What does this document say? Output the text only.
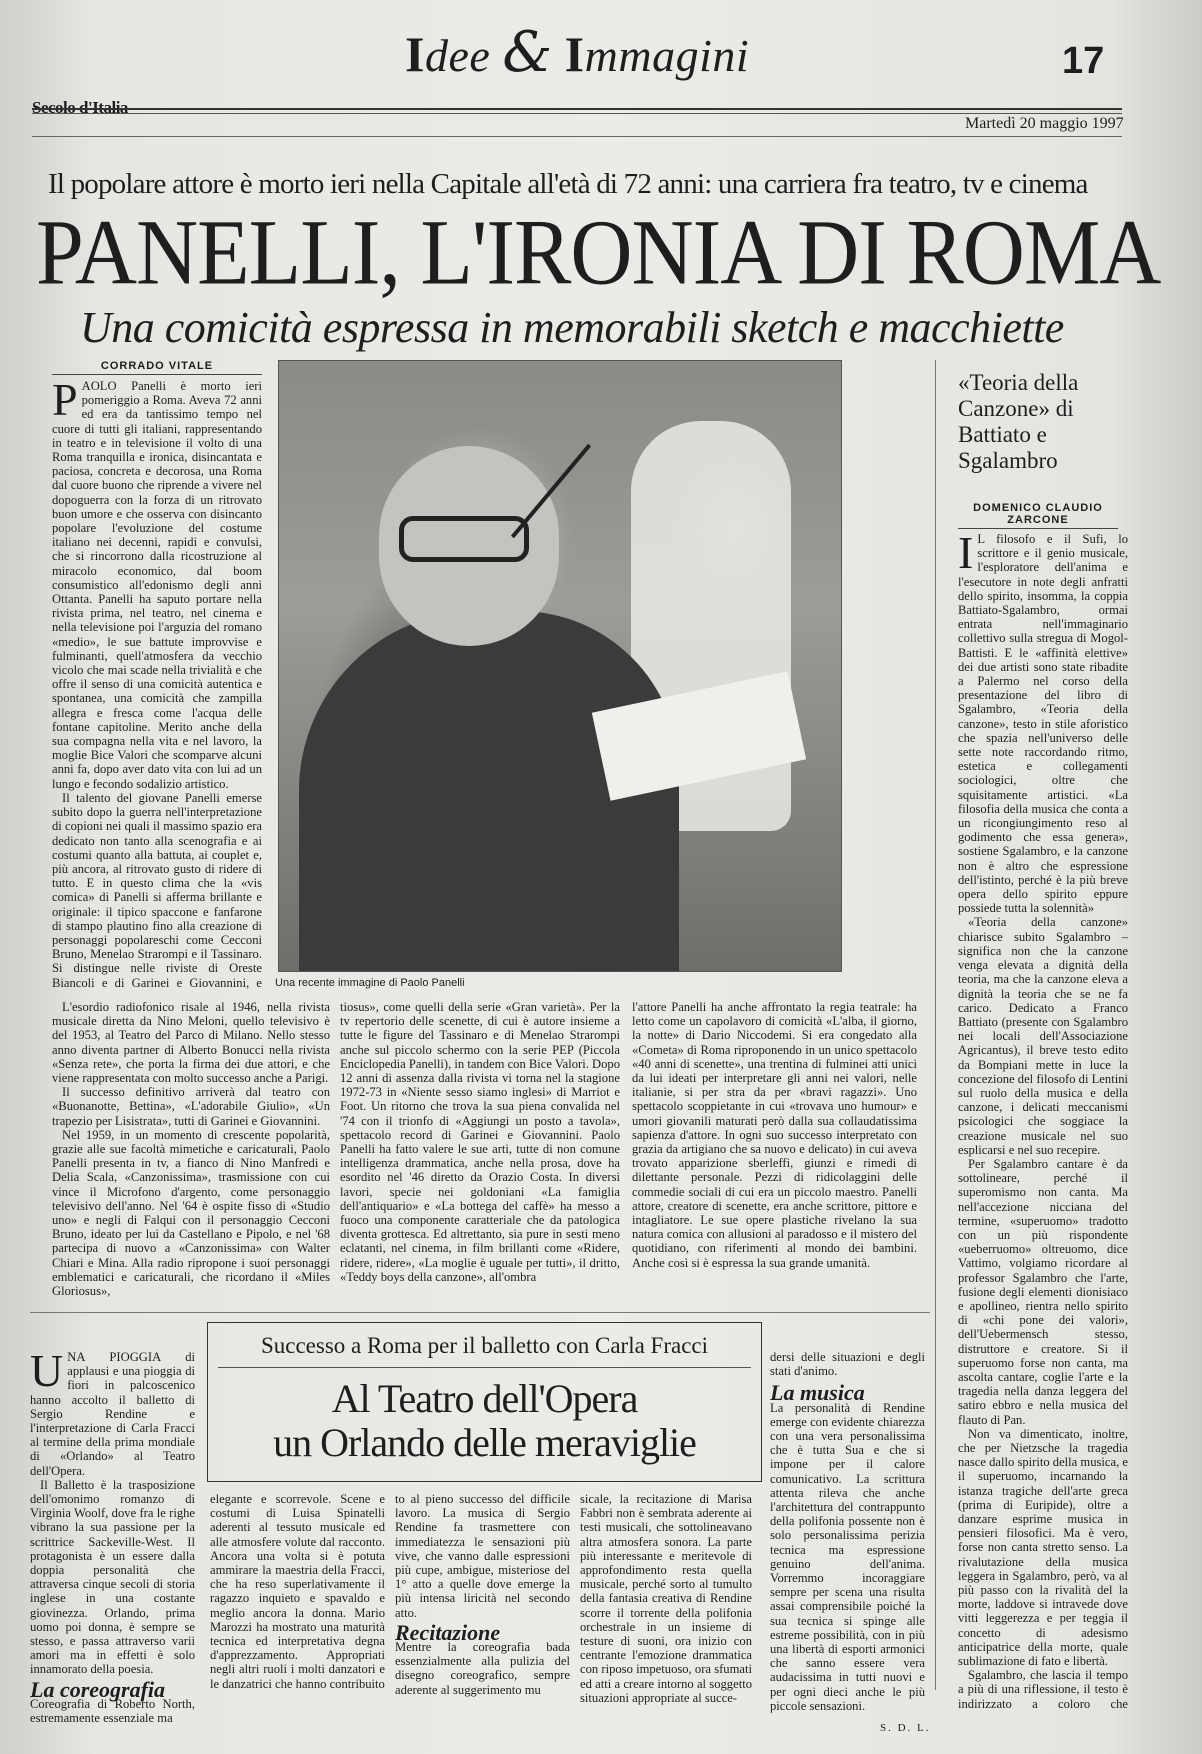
Secolo d'Italia
Idee & Immagini	17
Martedì 20 maggio 1997
Il popolare attore è morto ieri nella Capitale all'età di 72 anni: una carriera fra teatro, tv e cinema
PANELLI, L'IRONIA DI ROMA
Una comicità espressa in memorabili sketch e macchiette
CORRADO VITALE

PAOLO Panelli è morto ieri pomeriggio a Roma. Aveva 72 anni ed era da tantissimo tempo nel cuore di tutti gli italiani, rappresentando in teatro e in televisione il volto di una Roma tranquilla e ironica, disincantata e paciosa, concreta e decorosa, una Roma dal cuore buono che riprende a vivere nel dopoguerra con la forza di un ritrovato buon umore e che osserva con disincanto popolare l'evoluzione del costume italiano nei decenni, rapidi e convulsi, che si rincorrono dalla ricostruzione al miracolo economico, dal boom consumistico all'edonismo degli anni Ottanta. Panelli ha saputo portare nella rivista prima, nel teatro, nel cinema e nella televisione poi l'arguzia del romano «medio», le sue battute improvvise e fulminanti, quell'atmosfera da vecchio vicolo che mai scade nella trivialità e che offre il senso di una comicità autentica e spontanea, una comicità che zampilla allegra e fresca come l'acqua delle fontane capitoline. Merito anche della sua compagna nella vita e nel lavoro, la moglie Bice Valori che scomparve alcuni anni fa, dopo aver dato vita con lui ad un lungo e fecondo sodalizio artistico.

Il talento del giovane Panelli emerse subito dopo la guerra nell'interpretazione di copioni nei quali il massimo spazio era dedicato non tanto alla scenografia e ai costumi quanto alla battuta, ai couplet e, più ancora, al ritrovato gusto di ridere di tutto. E in questo clima che la «vis comica» di Panelli si afferma brillante e originale: il tipico spaccone e fanfarone di stampo plautino fino alla creazione di personaggi popolareschi come Cecconi Bruno, Menelao Strarompi e il Tassinaro. Si distingue nelle riviste di Oreste Biancoli e di Garinei e Giovannini, e Una recente immagine di Paolo Panelli

L'esordio radiofonico risale al 1946, nella rivista musicale diretta da Nino Meloni, quello televisivo è del 1953, al Teatro del Parco di Milano. Nello stesso anno diventa partner di Alberto Bonucci nella rivista «Senza rete», che porta la firma dei due attori, e che viene rappresentata con molto successo anche a Parigi.

Il successo definitivo arriverà dal teatro con «Buonanotte, Bettina», «L'adorabile Giulio», «Un trapezio per Lisistrata», tutti di Garinei e Giovannini.

Nel 1959, in un momento di crescente popolarità, grazie alle sue facoltà mimetiche e caricaturali, Paolo Panelli presenta in tv, a fianco di Nino Manfredi e Delia Scala, «Canzonissima», trasmissione con cui vince il Microfono d'argento, come personaggio televisivo dell'anno. Nel '64 è ospite fisso di «Studio uno» e negli di Falqui con il personaggio Cecconi Bruno, ideato per lui da Castellano e Pipolo, e nel '68 partecipa di nuovo a «Canzonissima» con Walter Chiari e Mina. Alla radio ripropone i suoi personaggi emblematici e caricaturali, che ricordano il «Miles Gloriosus»,

tiosus», come quelli della serie «Gran varietà». Per la tv repertorio delle scenette, di cui è autore insieme a tutte le figure del Tassinaro e di Menelao Strarompi anche sul piccolo schermo con la serie PEP (Piccola Enciclopedia Panelli), in tandem con Bice Valori. Dopo 12 anni di assenza dalla rivista vi torna nel la stagione 1972-73 in «Niente sesso siamo inglesi» di Marriot e Foot. Un ritorno che trova la sua piena convalida nel '74 con il trionfo di «Aggiungi un posto a tavola», spettacolo record di Garinei e Giovannini. Paolo Panelli ha fatto valere le sue arti, tutte di non comune intelligenza drammatica, anche nella prosa, dove ha esordito nel '46 diretto da Orazio Costa. In diversi lavori, specie nei goldoniani «La famiglia dell'antiquario» e «La bottega del caffè» ha messo a fuoco una componente caratteriale che da patologica diventa grottesca. Ed altrettanto, sia pure in sesti meno eclatanti, nel cinema, in film brillanti come «Ridere, ridere, ridere», «La moglie è uguale per tutti», il dritto, «Teddy boys della canzone», all'ombra

l'attore Panelli ha anche affrontato la regia teatrale: ha letto come un capolavoro di comicità «L'alba, il giorno, la notte» di Dario Niccodemi. Si era congedato alla «Cometa» di Roma riproponendo in un unico spettacolo «40 anni di scenette», una trentina di fulminei atti unici da lui ideati per interpretare gli anni nei valori, nelle italianie, si per stra da per «bravi ragazzi». Uno spettacolo scoppietante in cui «trovava uno humour» e umori giovanili maturati però dalla sua collaudatissima sapienza d'attore. In ogni suo successo interpretato con grazia da artigiano che sa nuovo e delicato) in cui aveva trovato apparizione sberleffi, giunzi e rimedi di dilettante personale. Pezzi di ridicolaggini delle commedie sociali di cui era un piccolo maestro. Panelli attore, creatore di scenette, era anche scrittore, pittore e intagliatore. Le sue opere plastiche rivelano la sua natura comica con allusioni al paradosso e il mistero del quotidiano, con riferimenti al mondo dei bambini. Anche così si è espressa la sua grande umanità.

«Teoria della Canzone» di Battiato e Sgalambro
DOMENICO CLAUDIO ZARCONE

I L filosofo e il Sufi, lo scrittore e il genio musicale, l'esploratore dell'anima e l'esecutore in note degli anfratti dello spirito, insomma, la coppia Battiato-Sgalambro, ormai entrata nell'immaginario collettivo sulla stregua di Mogol-Battisti. E le «affinità elettive» dei due artisti sono state ribadite a Palermo nel corso della presentazione del libro di Sgalambro, «Teoria della canzone», testo in stile aforistico che spazia nell'universo delle sette note raccordando ritmo, estetica e collegamenti sociologici, oltre che squisitamente artistici. «La filosofia della musica che conta a un ricongiungimento reso al godimento che essa genera», sostiene Sgalambro, e la canzone non è altro che espressione dell'istinto, perché è la più breve opera dello spirito eppure possiede tutta la solennità»

«Teoria della canzone» chiarisce subito Sgalambro – significa non che la canzone venga elevata a dignità della teoria, ma che la canzone eleva a dignità la teoria che se ne fa carico. Dedicato a Franco Battiato (presente con Sgalambro nei locali dell'Associazione Agricantus), il breve testo edito da Bompiani mette in luce la concezione del filosofo di Lentini sul ruolo della musica e della canzone, i delicati meccanismi psicologici che soggiace la creazione musicale nel suo esplicarsi e nel suo recepire.

Per Sgalambro cantare è da sottolineare, perché il superomismo non canta. Ma nell'accezione nicciana del termine, «superuomo» tradotto con un più rispondente «ueberruomo» oltreuomo, dice Vattimo, volgiamo ricordare al professor Sgalambro che l'arte, fusione degli elementi dionisiaco e apollineo, rientra nello spirito di «chi pone dei valori», dell'Uebermensch stesso, distruttore e creatore. Si il superuomo forse non canta, ma ascolta cantare, coglie l'arte e la tragedia nella danza leggera del satiro ebbro e nella musica del flauto di Pan.

Non va dimenticato, inoltre, che per Nietzsche la tragedia nasce dallo spirito della musica, e il superuomo, incarnando la istanza tragiche dell'arte greca (prima di Euripide), oltre a danzare esprime musica in pensieri filosofici. Ma è vero, forse non canta stretto senso. La rivalutazione della musica leggera in Sgalambro, però, va al più passo con la rivalità del la morte, laddove si intravede dove vitti leggerezza e per teggia il concetto di adesismo anticipatrice della morte, quale sublimazione di fato e libertà.

Sgalambro, che lascia il tempo a più di una riflessione, il testo è indirizzato a coloro che

Successo a Roma per il balletto con Carla Fracci
Al Teatro dell'Opera
un Orlando delle meraviglie

UNA PIOGGIA di applausi e una pioggia di fiori in palcoscenico hanno accolto il balletto di Sergio Rendine e l'interpretazione di Carla Fracci al termine della prima mondiale di «Orlando» al Teatro dell'Opera.

Il Balletto è la trasposizione dell'omonimo romanzo di Virginia Woolf, dove fra le righe vibrano la sua passione per la scrittrice Sackeville-West. Il protagonista è un essere dalla doppia personalità che attraversa cinque secoli di storia inglese in una costante giovinezza. Orlando, prima uomo poi donna, è sempre se stesso, e passa attraverso varii amori ma in effetti è solo innamorato della poesia.

La coreografia

Coreografia di Roberto North, estremamente essenziale ma

elegante e scorrevole. Scene e costumi di Luisa Spinatelli aderenti al tessuto musicale ed alle atmosfere volute dal racconto. Ancora una volta si è potuta ammirare la maestria della Fracci, che ha reso superlativamente il ragazzo inquieto e spavaldo e meglio ancora la donna. Mario Marozzi ha mostrato una maturità tecnica ed interpretativa degna d'apprezzamento. Appropriati negli altri ruoli i molti danzatori e le danzatrici che hanno contribuito

to al pieno successo del difficile lavoro. La musica di Sergio Rendine fa trasmettere con immediatezza le sensazioni più vive, che vanno dalle espressioni più cupe, ambigue, misteriose del 1° atto a quelle dove emerge la più intensa liricità nel secondo atto.

Recitazione

Mentre la coreografia bada essenzialmente alla pulizia del disegno coreografico, sempre aderente al suggerimento mu

sicale, la recitazione di Marisa Fabbri non è sembrata aderente ai testi musicali, che sottolineavano altra atmosfera sonora. La parte più interessante e meritevole di approfondimento resta quella musicale, perché sorto al tumulto della fantasia creativa di Rendine scorre il torrente della polifonia orchestrale in un insieme di testure di suoni, ora inizio con centrante l'emozione drammatica con riposo impetuoso, ora sfumati ed atti a creare intorno al soggetto situazioni appropriate al succe-

dersi delle situazioni e degli stati d'animo.

La musica

La personalità di Rendine emerge con evidente chiarezza con una vera personalissima che è tutta Sua e che si impone per il calore comunicativo. La scrittura attenta rileva che anche l'architettura del contrappunto della polifonia possente non è solo personalissima perizia tecnica ma espressione genuino dell'anima. Vorremmo incoraggiare sempre per scena una risulta assai comprensibile poiché la sua tecnica si spinge alle estreme possibilità, con in più una libertà di esporti armonici che sanno essere vera audacissima in tutti nuovi e per ogni dieci anche le più piccole sensazioni.

S. D. L.
